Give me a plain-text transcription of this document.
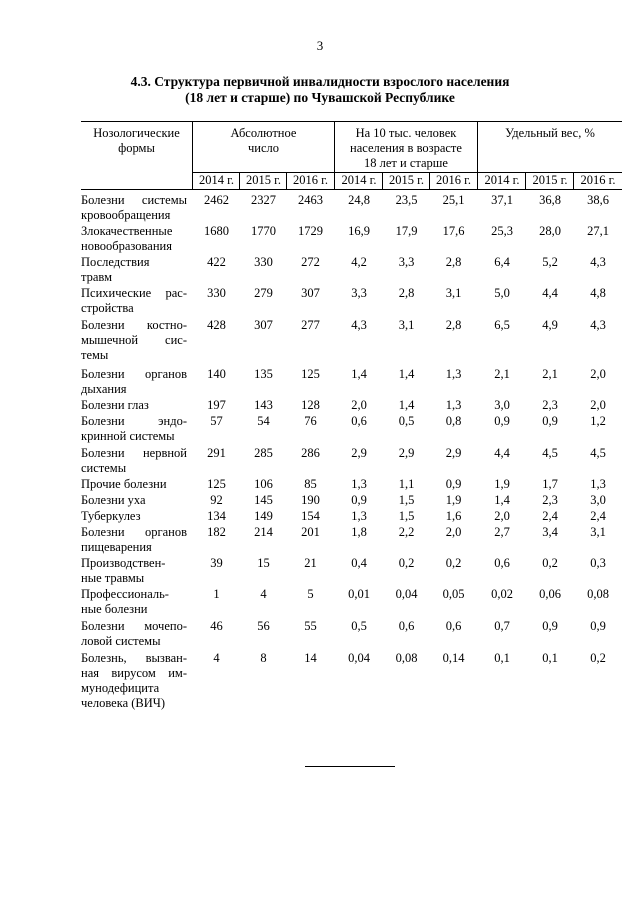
3
4.3. Структура первичной инвалидности взрослого населения
(18 лет и старше) по Чувашской Республике
Нозологические
формы
Абсолютное
число
На 10 тыс. человек
населения в возрасте
18 лет и старше
Удельный вес, %
2014 г. 2015 г. 2016 г.	2014 г.	2015 г. 2016 г.	2014 г.	2015 г.	2016 г.
Болезни системы
кровообращения
2462	2327	2463	24,8	23,5	25,1	37,1	36,8	38,6
Злокачественные
новообразования
1680	1770	1729	16,9	17,9	17,6	25,3	28,0	27,1
Последствия
травм
422	330	272	4,2	3,3	2,8	6,4	5,2	4,3
Психические рас-
стройства
330	279	307	3,3	2,8	3,1	5,0	4,4	4,8
Болезни костно-
мышечной сис-
темы
428	307	277	4,3	3,1	2,8	6,5	4,9	4,3
Болезни органов
дыхания
140	135	125	1,4	1,4	1,3	2,1	2,1	2,0
Болезни глаз	197	143	128	2,0	1,4	1,3	3,0	2,3	2,0
Болезни эндо-
кринной системы
57	54	76	0,6	0,5	0,8	0,9	0,9	1,2
Болезни нервной
системы
291	285	286	2,9	2,9	2,9	4,4	4,5	4,5
Прочие болезни	125	106	85	1,3	1,1	0,9	1,9	1,7	1,3
Болезни уха	92	145	190	0,9	1,5	1,9	1,4	2,3	3,0
Туберкулез	134	149	154	1,3	1,5	1,6	2,0	2,4	2,4
Болезни органов
пищеварения
182	214	201	1,8	2,2	2,0	2,7	3,4	3,1
Производствен-
ные травмы
39	15	21	0,4	0,2	0,2	0,6	0,2	0,3
Профессиональ-
ные болезни
1	4	5	0,01	0,04	0,05	0,02	0,06	0,08
Болезни мочепо-
ловой системы
46	56	55	0,5	0,6	0,6	0,7	0,9	0,9
Болезнь, вызван-
ная вирусом им-
мунодефицита
человека (ВИЧ)
4	8	14	0,04	0,08	0,14	0,1	0,1	0,2
